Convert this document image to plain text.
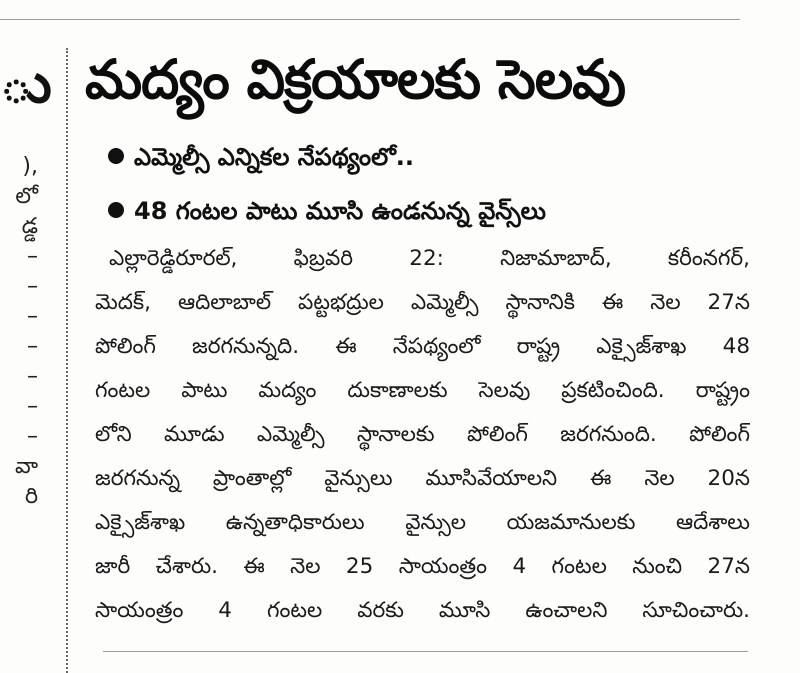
ు
),
లో
డ్డ
–
–
–
–
–
–
–
వా
రి
మద్యం విక్రయాలకు సెలవు
ఎమ్మెల్సీ ఎన్నికల నేపథ్యంలో..
48 గంటల పాటు మూసి ఉండనున్న వైన్స్‌లు
ఎల్లారెడ్డిరూరల్‌, ఫిబ్రవరి 22: నిజామాబాద్‌, కరీంనగర్‌,
మెదక్‌, ఆదిలాబాల్‌ పట్టభద్రుల ఎమ్మెల్సీ స్థానానికి ఈ నెల 27న
పోలింగ్‌ జరగనున్నది. ఈ నేపథ్యంలో రాష్ట్ర ఎక్సైజ్‌శాఖ 48
గంటల పాటు మద్యం దుకాణాలకు సెలవు ప్రకటించింది. రాష్ట్రం
లోని మూడు ఎమ్మెల్సీ స్థానాలకు పోలింగ్‌ జరగనుంది. పోలింగ్‌
జరగనున్న ప్రాంతాల్లో వైన్సులు మూసివేయాలని ఈ నెల 20న
ఎక్సైజ్‌శాఖ ఉన్నతాధికారులు వైన్సుల యజమానులకు ఆదేశాలు
జారీ చేశారు. ఈ నెల 25 సాయంత్రం 4 గంటల నుంచి 27న
సాయంత్రం 4 గంటల వరకు మూసి ఉంచాలని సూచించారు.
